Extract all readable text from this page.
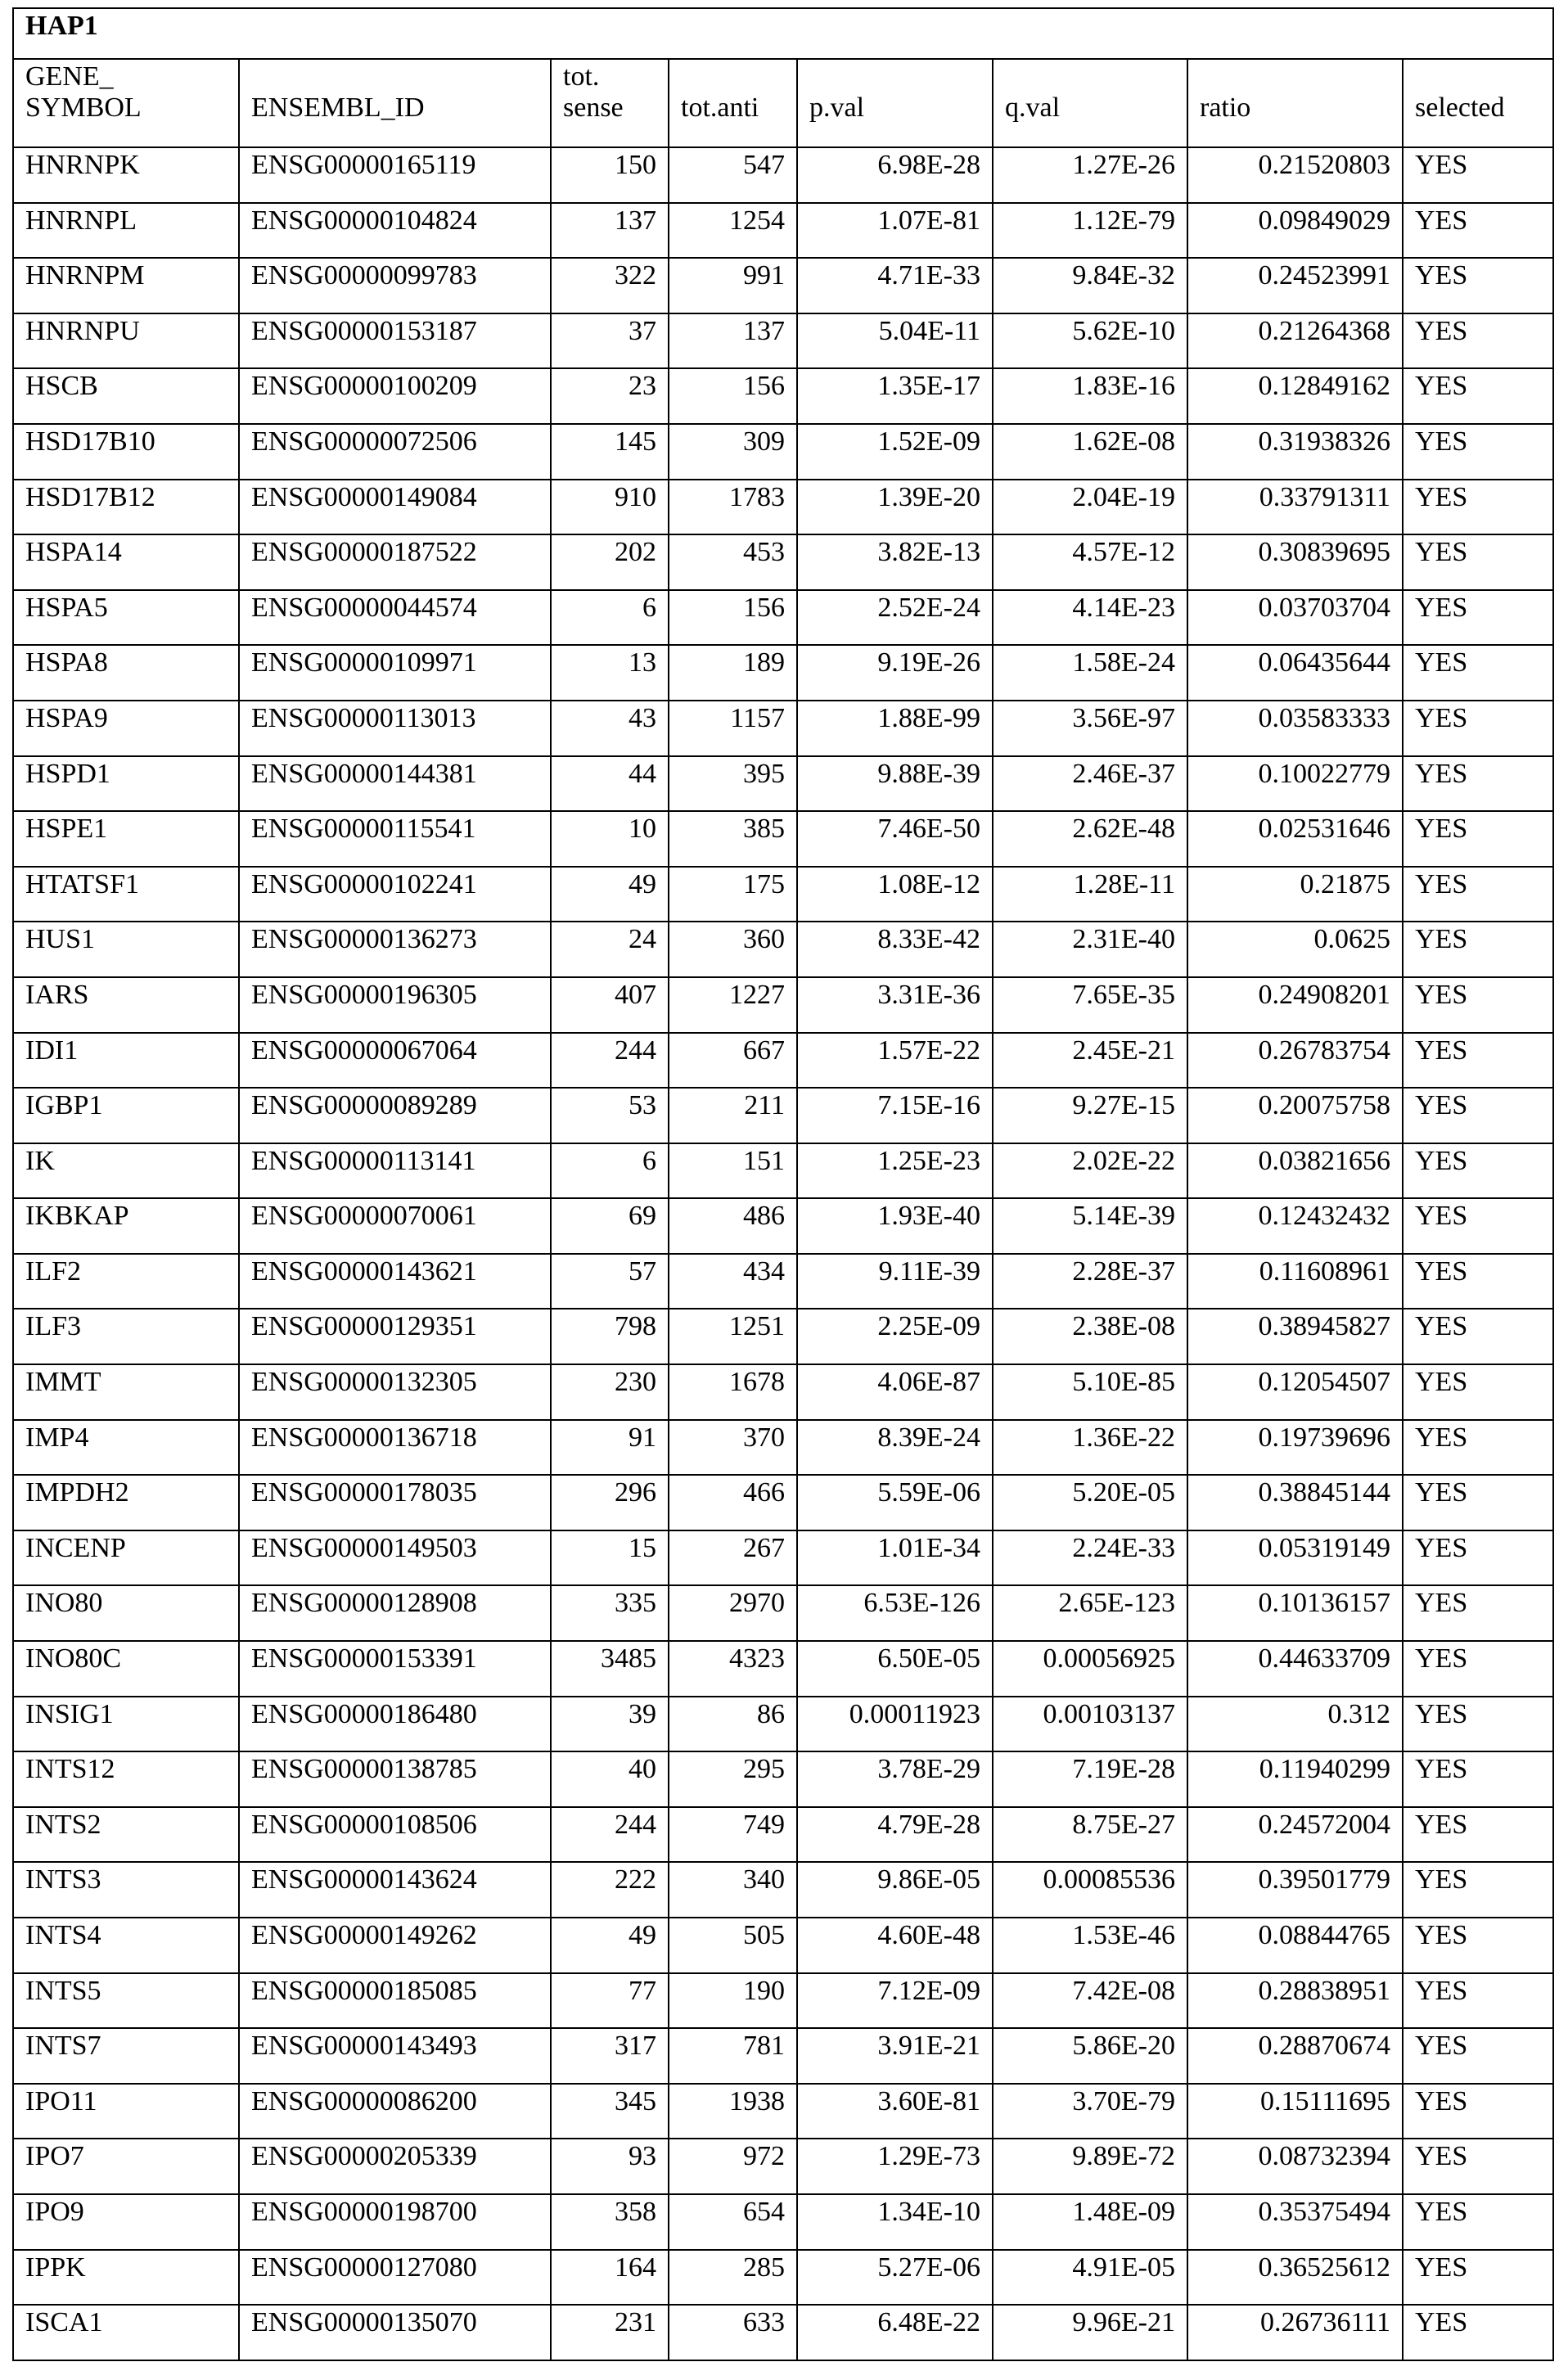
HAP1

GENE_
SYMBOL	ENSEMBL_ID

tot.
sense	tot.anti	p.val	q.val	ratio	selected

HNRNPK	ENSG00000165119	150	547	6.98E-28	1.27E-26	0.21520803	YES
HNRNPL	ENSG00000104824	137	1254	1.07E-81	1.12E-79	0.09849029	YES
HNRNPM	ENSG00000099783	322	991	4.71E-33	9.84E-32	0.24523991	YES
HNRNPU	ENSG00000153187	37	137	5.04E-11	5.62E-10	0.21264368	YES
HSCB	ENSG00000100209	23	156	1.35E-17	1.83E-16	0.12849162	YES
HSD17B10	ENSG00000072506	145	309	1.52E-09	1.62E-08	0.31938326	YES
HSD17B12	ENSG00000149084	910	1783	1.39E-20	2.04E-19	0.33791311	YES
HSPA14	ENSG00000187522	202	453	3.82E-13	4.57E-12	0.30839695	YES
HSPA5	ENSG00000044574	6	156	2.52E-24	4.14E-23	0.03703704	YES
HSPA8	ENSG00000109971	13	189	9.19E-26	1.58E-24	0.06435644	YES
HSPA9	ENSG00000113013	43	1157	1.88E-99	3.56E-97	0.03583333	YES
HSPD1	ENSG00000144381	44	395	9.88E-39	2.46E-37	0.10022779	YES
HSPE1	ENSG00000115541	10	385	7.46E-50	2.62E-48	0.02531646	YES
HTATSF1	ENSG00000102241	49	175	1.08E-12	1.28E-11	0.21875	YES
HUS1	ENSG00000136273	24	360	8.33E-42	2.31E-40	0.0625	YES
IARS	ENSG00000196305	407	1227	3.31E-36	7.65E-35	0.24908201	YES
IDI1	ENSG00000067064	244	667	1.57E-22	2.45E-21	0.26783754	YES
IGBP1	ENSG00000089289	53	211	7.15E-16	9.27E-15	0.20075758	YES
IK	ENSG00000113141	6	151	1.25E-23	2.02E-22	0.03821656	YES
IKBKAP	ENSG00000070061	69	486	1.93E-40	5.14E-39	0.12432432	YES
ILF2	ENSG00000143621	57	434	9.11E-39	2.28E-37	0.11608961	YES
ILF3	ENSG00000129351	798	1251	2.25E-09	2.38E-08	0.38945827	YES
IMMT	ENSG00000132305	230	1678	4.06E-87	5.10E-85	0.12054507	YES
IMP4	ENSG00000136718	91	370	8.39E-24	1.36E-22	0.19739696	YES
IMPDH2	ENSG00000178035	296	466	5.59E-06	5.20E-05	0.38845144	YES
INCENP	ENSG00000149503	15	267	1.01E-34	2.24E-33	0.05319149	YES
INO80	ENSG00000128908	335	2970	6.53E-126	2.65E-123	0.10136157	YES
INO80C	ENSG00000153391	3485	4323	6.50E-05	0.00056925	0.44633709	YES
INSIG1	ENSG00000186480	39	86	0.00011923	0.00103137	0.312	YES
INTS12	ENSG00000138785	40	295	3.78E-29	7.19E-28	0.11940299	YES
INTS2	ENSG00000108506	244	749	4.79E-28	8.75E-27	0.24572004	YES
INTS3	ENSG00000143624	222	340	9.86E-05	0.00085536	0.39501779	YES
INTS4	ENSG00000149262	49	505	4.60E-48	1.53E-46	0.08844765	YES
INTS5	ENSG00000185085	77	190	7.12E-09	7.42E-08	0.28838951	YES
INTS7	ENSG00000143493	317	781	3.91E-21	5.86E-20	0.28870674	YES
IPO11	ENSG00000086200	345	1938	3.60E-81	3.70E-79	0.15111695	YES
IPO7	ENSG00000205339	93	972	1.29E-73	9.89E-72	0.08732394	YES
IPO9	ENSG00000198700	358	654	1.34E-10	1.48E-09	0.35375494	YES
IPPK	ENSG00000127080	164	285	5.27E-06	4.91E-05	0.36525612	YES
ISCA1	ENSG00000135070	231	633	6.48E-22	9.96E-21	0.26736111	YES
